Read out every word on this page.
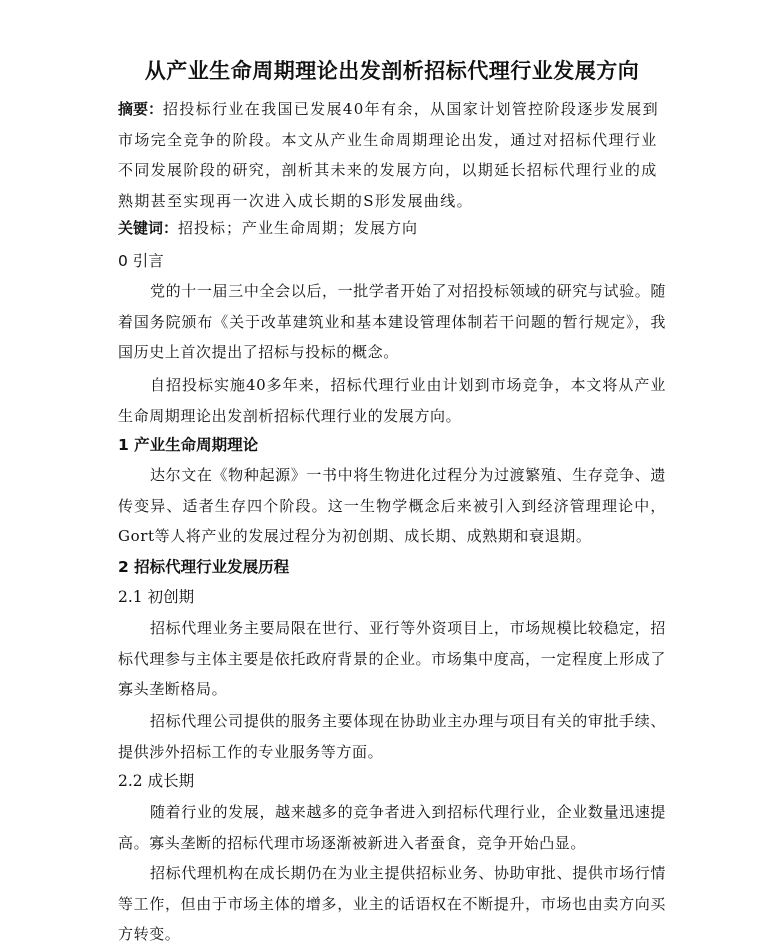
从产业生命周期理论出发剖析招标代理行业发展方向
摘要：招投标行业在我国已发展40年有余，从国家计划管控阶段逐步发展到市场完全竞争的阶段。本文从产业生命周期理论出发，通过对招标代理行业不同发展阶段的研究，剖析其未来的发展方向，以期延长招标代理行业的成熟期甚至实现再一次进入成长期的S形发展曲线。
关键词：招投标；产业生命周期；发展方向
0 引言

党的十一届三中全会以后，一批学者开始了对招投标领域的研究与试验。随着国务院颁布《关于改革建筑业和基本建设管理体制若干问题的暂行规定》，我国历史上首次提出了招标与投标的概念。

自招投标实施40多年来，招标代理行业由计划到市场竞争，本文将从产业生命周期理论出发剖析招标代理行业的发展方向。

1 产业生命周期理论

达尔文在《物种起源》一书中将生物进化过程分为过渡繁殖、生存竞争、遗传变异、适者生存四个阶段。这一生物学概念后来被引入到经济管理理论中，Gort等人将产业的发展过程分为初创期、成长期、成熟期和衰退期。

2 招标代理行业发展历程
2.1 初创期

招标代理业务主要局限在世行、亚行等外资项目上，市场规模比较稳定，招标代理参与主体主要是依托政府背景的企业。市场集中度高，一定程度上形成了寡头垄断格局。

招标代理公司提供的服务主要体现在协助业主办理与项目有关的审批手续、提供涉外招标工作的专业服务等方面。

2.2 成长期

随着行业的发展，越来越多的竞争者进入到招标代理行业，企业数量迅速提高。寡头垄断的招标代理市场逐渐被新进入者蚕食，竞争开始凸显。

招标代理机构在成长期仍在为业主提供招标业务、协助审批、提供市场行情等工作，但由于市场主体的增多，业主的话语权在不断提升，市场也由卖方向买方转变。
